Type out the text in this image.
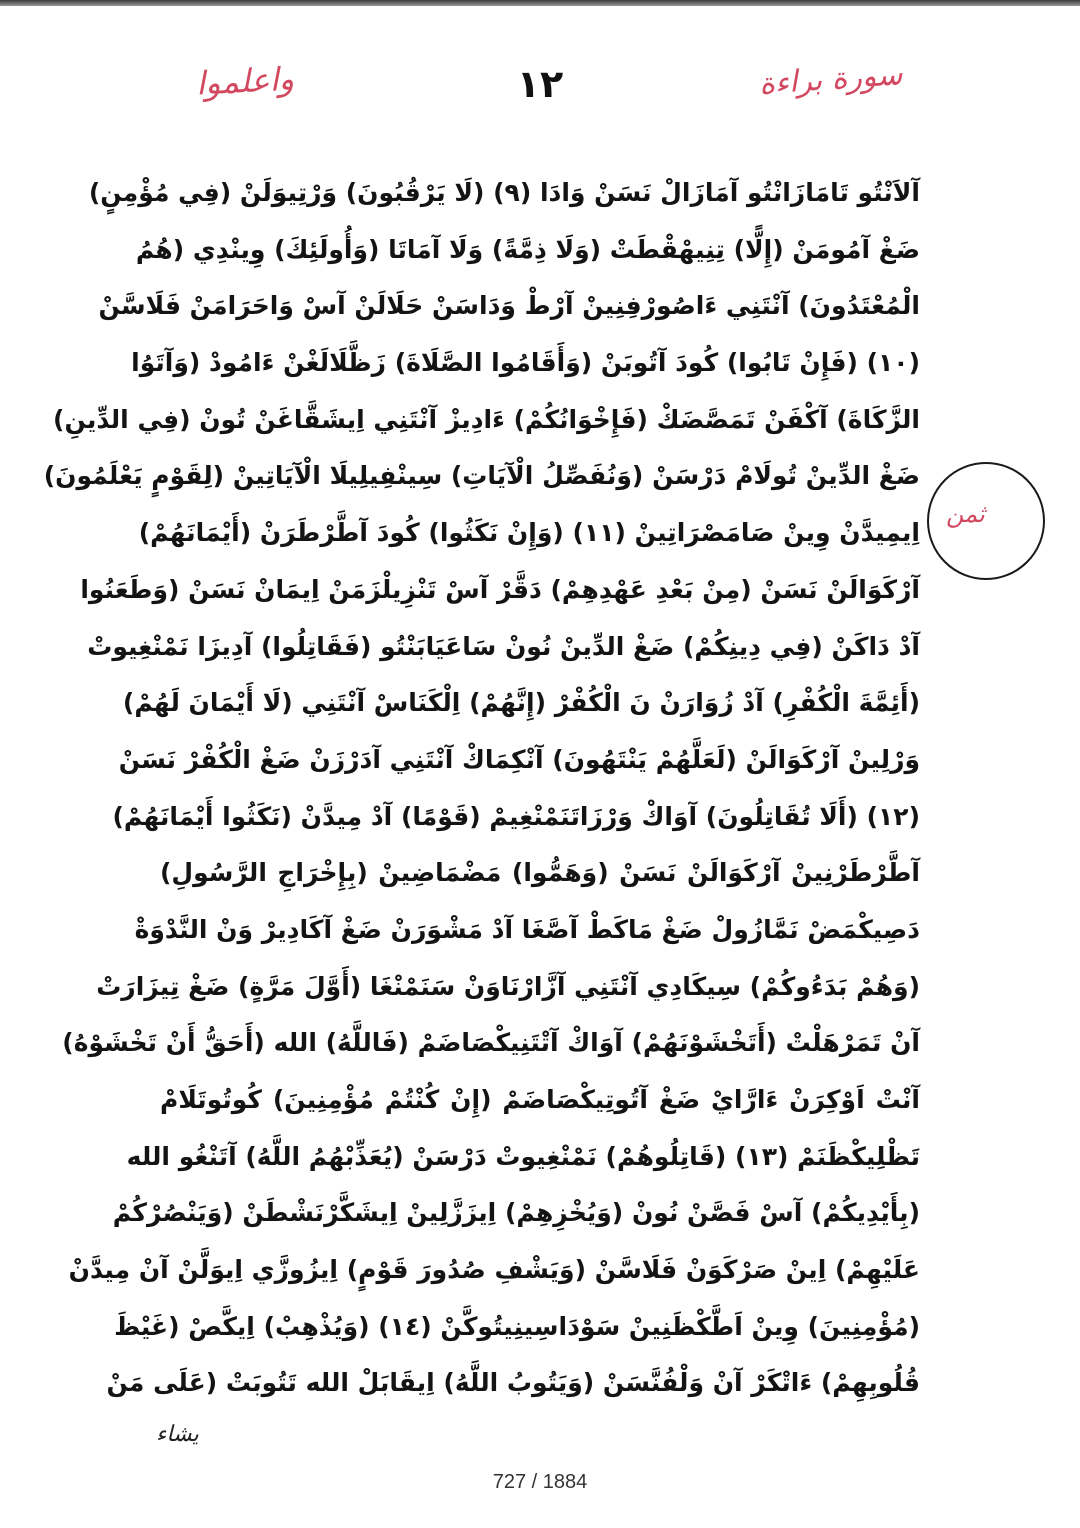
واعلموا	١٢	سورة براءة
آلاَنْتُو تَامَازَانْتُو آمَازَالْ نَسَنْ وَادَا (٩) (لَا يَرْقُبُونَ) وَرْتِيوَلَنْ (فِي مُؤْمِنٍ)
ضَغْ آمُومَنْ (إِلًّا) تِنِيهْقْطَتْ (وَلَا ذِمَّةً) وَلَا آمَاتَا (وَأُولَئِكَ) وِينْدِي (هُمُ
الْمُعْتَدُونَ) آنْتَنِي ءَاصُورْفِنِينْ آرْطْ وَدَاسَنْ حَلَالَنْ آسْ وَاحَرَامَنْ فَلَاسَّنْ
(١٠) (فَإِنْ تَابُوا) كُودَ آتُوبَنْ (وَأَقَامُوا الصَّلَاةَ) زَظَّلَالَغْنْ ءَامُودْ (وَآتَوُا
الزَّكَاةَ) آكْفَنْ تَمَصَّضَكْ (فَإِخْوَانُكُمْ) ءَادِيزْ آنْتَنِي اِيشَقَّاغَنْ تُونْ (فِي الدِّينِ)
ضَغْ الدِّينْ تُولَامْ دَرْسَنْ (وَنُفَصِّلُ الْآيَاتِ) سِينْفِيلِيلَا الْآيَاتِينْ (لِقَوْمٍ يَعْلَمُونَ)
اِيمِيدَّنْ وِينْ صَامَصْرَاتِينْ (١١) (وَإِنْ نَكَثُوا) كُودَ آطَّرْطَرَنْ (أَيْمَانَهُمْ)
آرْكَوَالَنْ نَسَنْ (مِنْ بَعْدِ عَهْدِهِمْ) دَقَّرْ آسْ تَنْزِيلْزَمَنْ اِيمَانْ نَسَنْ (وَطَعَنُوا
آدْ دَاكَنْ (فِي دِينِكُمْ) ضَغْ الدِّينْ نُونْ سَاعَيَابَنْتُو (فَقَاتِلُوا) آدِيزَا نَمْنْغِيوتْ
(أَئِمَّةَ الْكُفْرِ) آدْ زُوَارَنْ نَ الْكُفْرْ (إِنَّهُمْ) اِلْكَنَاسْ آنْتَنِي (لَا أَيْمَانَ لَهُمْ)
وَرْلِينْ آرْكَوَالَنْ (لَعَلَّهُمْ يَنْتَهُونَ) آنْكِمَاكْ آنْتَنِي آدَرْزَنْ ضَغْ الْكُفْرْ نَسَنْ
(١٢) (أَلَا تُقَاتِلُونَ) آوَاكْ وَرْزَاتَنَمْنْغِيمْ (قَوْمًا) آدْ مِيدَّنْ (نَكَثُوا أَيْمَانَهُمْ)
آطَّرْطَرْنِينْ آرْكَوَالَنْ نَسَنْ (وَهَمُّوا) مَضْمَاضِينْ (بِإِخْرَاجِ الرَّسُولِ)
دَصِيكْمَضْ نَمَّازُولْ ضَغْ مَاكَطْ آصَّغَا آدْ مَشْوَرَنْ ضَغْ آكَادِيرْ وَنْ النَّدْوَةْ
(وَهُمْ بَدَءُوكُمْ) سِيكَادِي آنْتَنِي آزَّارْنَاوَنْ سَنَمْنْغَا (أَوَّلَ مَرَّةٍ) ضَغْ تِيزَارَتْ
آنْ تَمَرْهَلْتْ (أَتَخْشَوْنَهُمْ) آوَاكْ آتْتَنِيكْصَاضَمْ (فَاللَّهُ) الله (أَحَقُّ أَنْ تَخْشَوْهُ)
آنْتْ اَوْكِرَنْ ءَارَّايْ ضَغْ آتُوتِيكْصَاضَمْ (إِنْ كُنْتُمْ مُؤْمِنِينَ) كُوتُوتَلَامْ
تَظْلِيكْظَنَمْ (١٣) (قَاتِلُوهُمْ) نَمْنْغِيوتْ دَرْسَنْ (يُعَذِّبْهُمُ اللَّهُ) آتَنْغُو الله
(بِأَيْدِيكُمْ) آسْ فَصَّنْ نُونْ (وَيُخْزِهِمْ) اِيزَزَّلِينْ اِيشَكَّرْنَشْطَنْ (وَيَنْصُرْكُمْ
عَلَيْهِمْ) اِينْ صَرْكَوَنْ فَلَاسَّنْ (وَيَشْفِ صُدُورَ قَوْمٍ) اِيزُوزَّي اِيوَلَّنْ آنْ مِيدَّنْ
(مُؤْمِنِينَ) وِينْ اَطَّكْظَنِينْ سَوْدَاسِينِيتُوكَّنْ (١٤) (وَيُذْهِبْ) اِيكَّصْ (غَيْظَ
قُلُوبِهِمْ) ءَاتْكَرْ آنْ وَلْفُنَّسَنْ (وَيَتُوبُ اللَّهُ) اِيقَابَلْ الله تَتُوبَتْ (عَلَى مَنْ
ثمن
يشاء
727 / 1884
